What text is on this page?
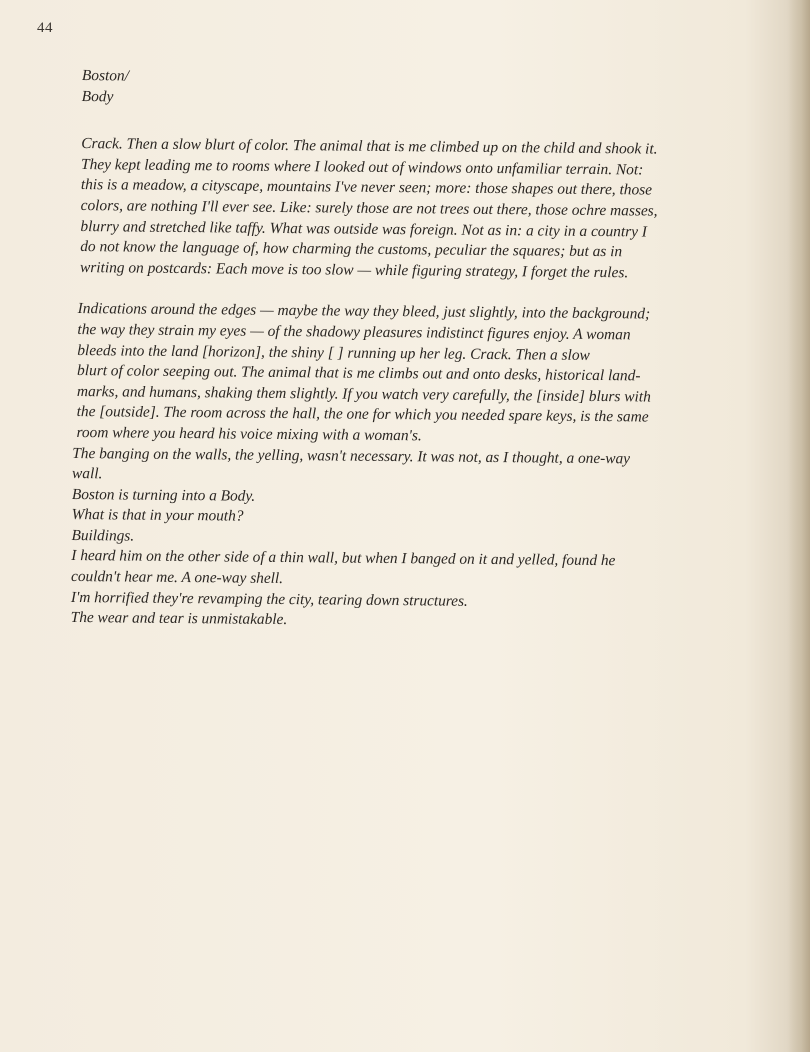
44
Boston/
Body

Crack. Then a slow blurt of color. The animal that is me climbed up on the child and shook it.
They kept leading me to rooms where I looked out of windows onto unfamiliar terrain. Not:
this is a meadow, a cityscape, mountains I've never seen; more: those shapes out there, those
colors, are nothing I'll ever see. Like: surely those are not trees out there, those ochre masses,
blurry and stretched like taffy. What was outside was foreign. Not as in: a city in a country I
do not know the language of, how charming the customs, peculiar the squares; but as in
writing on postcards: Each move is too slow — while figuring strategy, I forget the rules.

Indications around the edges — maybe the way they bleed, just slightly, into the background;
the way they strain my eyes — of the shadowy pleasures indistinct figures enjoy. A woman
bleeds into the land [horizon], the shiny [ ] running up her leg. Crack. Then a slow
blurt of color seeping out. The animal that is me climbs out and onto desks, historical land-
marks, and humans, shaking them slightly. If you watch very carefully, the [inside] blurs with
the [outside]. The room across the hall, the one for which you needed spare keys, is the same
room where you heard his voice mixing with a woman's.

The banging on the walls, the yelling, wasn't necessary. It was not, as I thought, a one-way
wall.
Boston is turning into a Body.
What is that in your mouth?
Buildings.
I heard him on the other side of a thin wall, but when I banged on it and yelled, found he
couldn't hear me. A one-way shell.
I'm horrified they're revamping the city, tearing down structures.
The wear and tear is unmistakable.
